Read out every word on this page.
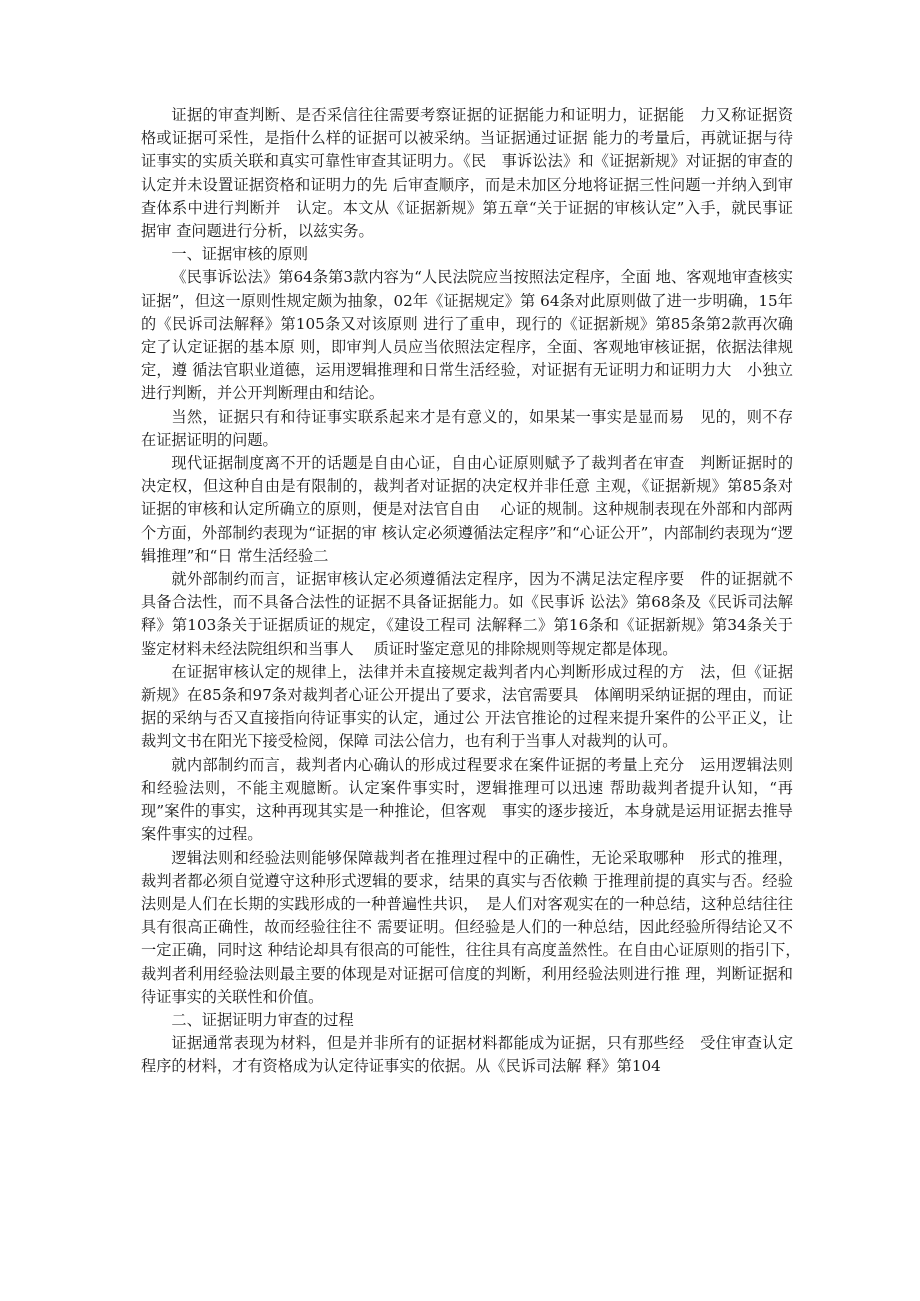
证据的审查判断、是否采信往往需要考察证据的证据能力和证明力，证据能　力又称证据资格或证据可采性，是指什么样的证据可以被采纳。当证据通过证据 能力的考量后，再就证据与待证事实的实质关联和真实可靠性审查其证明力。《民　事诉讼法》和《证据新规》对证据的审查的认定并未设置证据资格和证明力的先 后审查顺序，而是未加区分地将证据三性问题一并纳入到审查体系中进行判断并　认定。本文从《证据新规》第五章“关于证据的审核认定”入手，就民事证据审 查问题进行分析，以兹实务。

一、证据审核的原则

《民事诉讼法》第64条第3款内容为“人民法院应当按照法定程序，全面 地、客观地审查核实证据”，但这一原则性规定颇为抽象，02年《证据规定》第 64条对此原则做了进一步明确，15年的《民诉司法解释》第105条又对该原则 进行了重申，现行的《证据新规》第85条第2款再次确定了认定证据的基本原 则，即审判人员应当依照法定程序，全面、客观地审核证据，依据法律规定，遵 循法官职业道德，运用逻辑推理和日常生活经验，对证据有无证明力和证明力大　小独立进行判断，并公开判断理由和结论。

当然，证据只有和待证事实联系起来才是有意义的，如果某一事实是显而易　见的，则不存在证据证明的问题。

现代证据制度离不开的话题是自由心证，自由心证原则赋予了裁判者在审查　判断证据时的决定权，但这种自由是有限制的，裁判者对证据的决定权并非任意 主观，《证据新规》第85条对证据的审核和认定所确立的原则，便是对法官自由　 心证的规制。这种规制表现在外部和内部两个方面，外部制约表现为“证据的审 核认定必须遵循法定程序”和“心证公开”，内部制约表现为“逻辑推理”和“日 常生活经验二

就外部制约而言，证据审核认定必须遵循法定程序，因为不满足法定程序要　件的证据就不具备合法性，而不具备合法性的证据不具备证据能力。如《民事诉 讼法》第68条及《民诉司法解释》第103条关于证据质证的规定，《建设工程司 法解释二》第16条和《证据新规》第34条关于鉴定材料未经法院组织和当事人　 质证时鉴定意见的排除规则等规定都是体现。

在证据审核认定的规律上，法律并未直接规定裁判者内心判断形成过程的方　法，但《证据新规》在85条和97条对裁判者心证公开提出了要求，法官需要具　体阐明采纳证据的理由，而证据的采纳与否又直接指向待证事实的认定，通过公 开法官推论的过程来提升案件的公平正义，让裁判文书在阳光下接受检阅，保障 司法公信力，也有利于当事人对裁判的认可。

就内部制约而言，裁判者内心确认的形成过程要求在案件证据的考量上充分　运用逻辑法则和经验法则，不能主观臆断。认定案件事实时，逻辑推理可以迅速 帮助裁判者提升认知，“再现”案件的事实，这种再现其实是一种推论，但客观　事实的逐步接近，本身就是运用证据去推导案件事实的过程。

逻辑法则和经验法则能够保障裁判者在推理过程中的正确性，无论采取哪种　形式的推理，裁判者都必须自觉遵守这种形式逻辑的要求，结果的真实与否依赖 于推理前提的真实与否。经验法则是人们在长期的实践形成的一种普遍性共识，　是人们对客观实在的一种总结，这种总结往往具有很高正确性，故而经验往往不 需要证明。但经验是人们的一种总结，因此经验所得结论又不一定正确，同时这 种结论却具有很高的可能性，往往具有高度盖然性。在自由心证原则的指引下，　裁判者利用经验法则最主要的体现是对证据可信度的判断，利用经验法则进行推 理，判断证据和待证事实的关联性和价值。

二、证据证明力审查的过程

证据通常表现为材料，但是并非所有的证据材料都能成为证据，只有那些经　受住审查认定程序的材料，才有资格成为认定待证事实的依据。从《民诉司法解 释》第104
